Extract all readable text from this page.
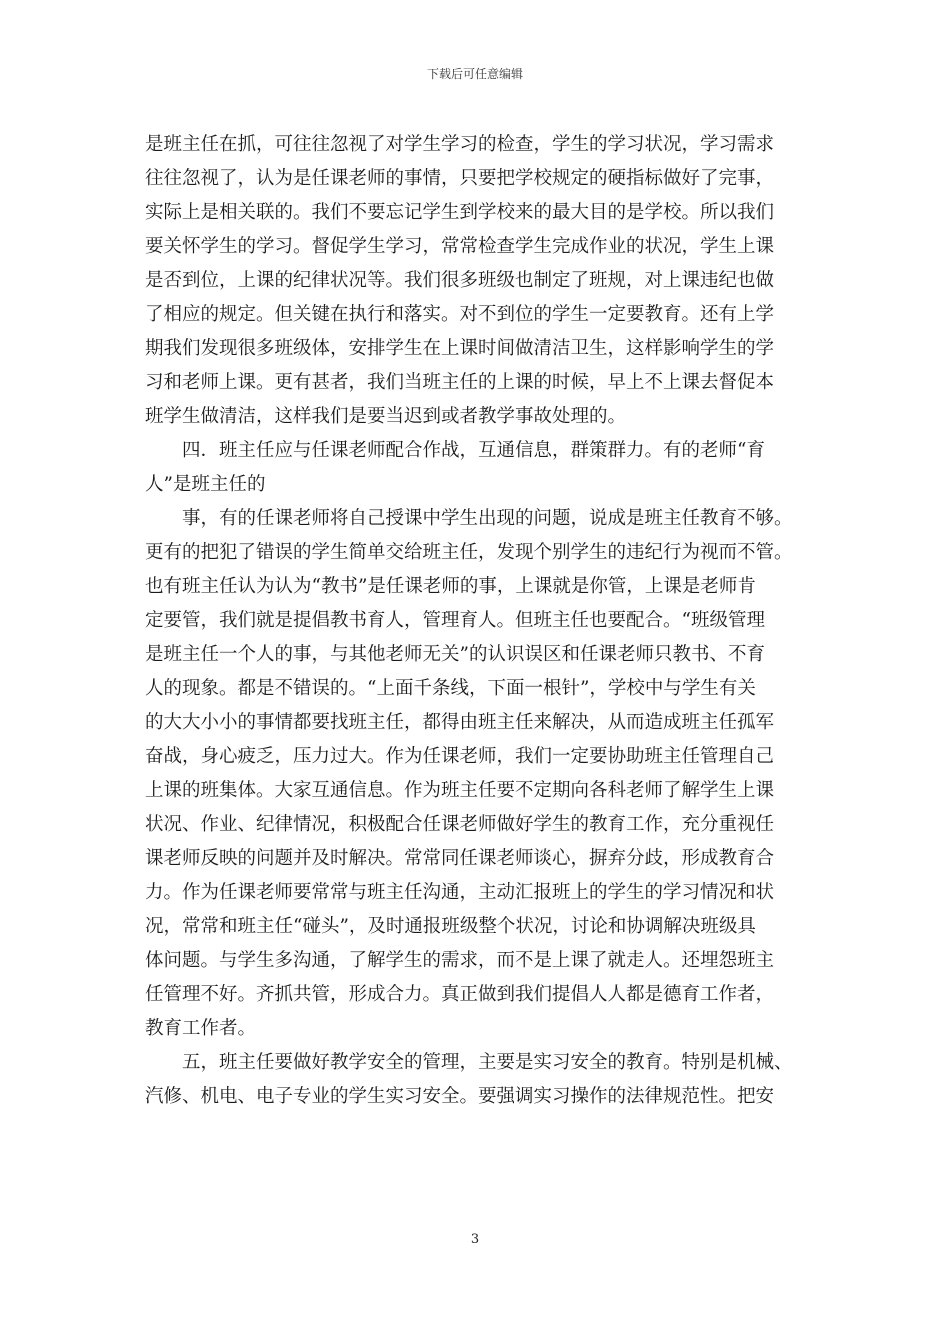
下载后可任意编辑
是班主任在抓，可往往忽视了对学生学习的检查，学生的学习状况，学习需求
往往忽视了，认为是任课老师的事情，只要把学校规定的硬指标做好了完事，
实际上是相关联的。我们不要忘记学生到学校来的最大目的是学校。所以我们
要关怀学生的学习。督促学生学习，常常检查学生完成作业的状况，学生上课
是否到位，上课的纪律状况等。我们很多班级也制定了班规，对上课违纪也做
了相应的规定。但关键在执行和落实。对不到位的学生一定要教育。还有上学
期我们发现很多班级体，安排学生在上课时间做清洁卫生，这样影响学生的学
习和老师上课。更有甚者，我们当班主任的上课的时候，早上不上课去督促本
班学生做清洁，这样我们是要当迟到或者教学事故处理的。
四．班主任应与任课老师配合作战，互通信息，群策群力。有的老师“育
人”是班主任的
事，有的任课老师将自己授课中学生出现的问题，说成是班主任教育不够。
更有的把犯了错误的学生简单交给班主任，发现个别学生的违纪行为视而不管。
也有班主任认为认为“教书”是任课老师的事，上课就是你管，上课是老师肯
定要管，我们就是提倡教书育人，管理育人。但班主任也要配合。“班级管理
是班主任一个人的事，与其他老师无关”的认识误区和任课老师只教书、不育
人的现象。都是不错误的。“上面千条线，下面一根针”，学校中与学生有关
的大大小小的事情都要找班主任，都得由班主任来解决，从而造成班主任孤军
奋战，身心疲乏，压力过大。作为任课老师，我们一定要协助班主任管理自己
上课的班集体。大家互通信息。作为班主任要不定期向各科老师了解学生上课
状况、作业、纪律情况，积极配合任课老师做好学生的教育工作，充分重视任
课老师反映的问题并及时解决。常常同任课老师谈心，摒弃分歧，形成教育合
力。作为任课老师要常常与班主任沟通，主动汇报班上的学生的学习情况和状
况，常常和班主任“碰头”，及时通报班级整个状况，讨论和协调解决班级具
体问题。与学生多沟通，了解学生的需求，而不是上课了就走人。还埋怨班主
任管理不好。齐抓共管，形成合力。真正做到我们提倡人人都是德育工作者，
教育工作者。
五，班主任要做好教学安全的管理，主要是实习安全的教育。特别是机械、
汽修、机电、电子专业的学生实习安全。要强调实习操作的法律规范性。把安
3
